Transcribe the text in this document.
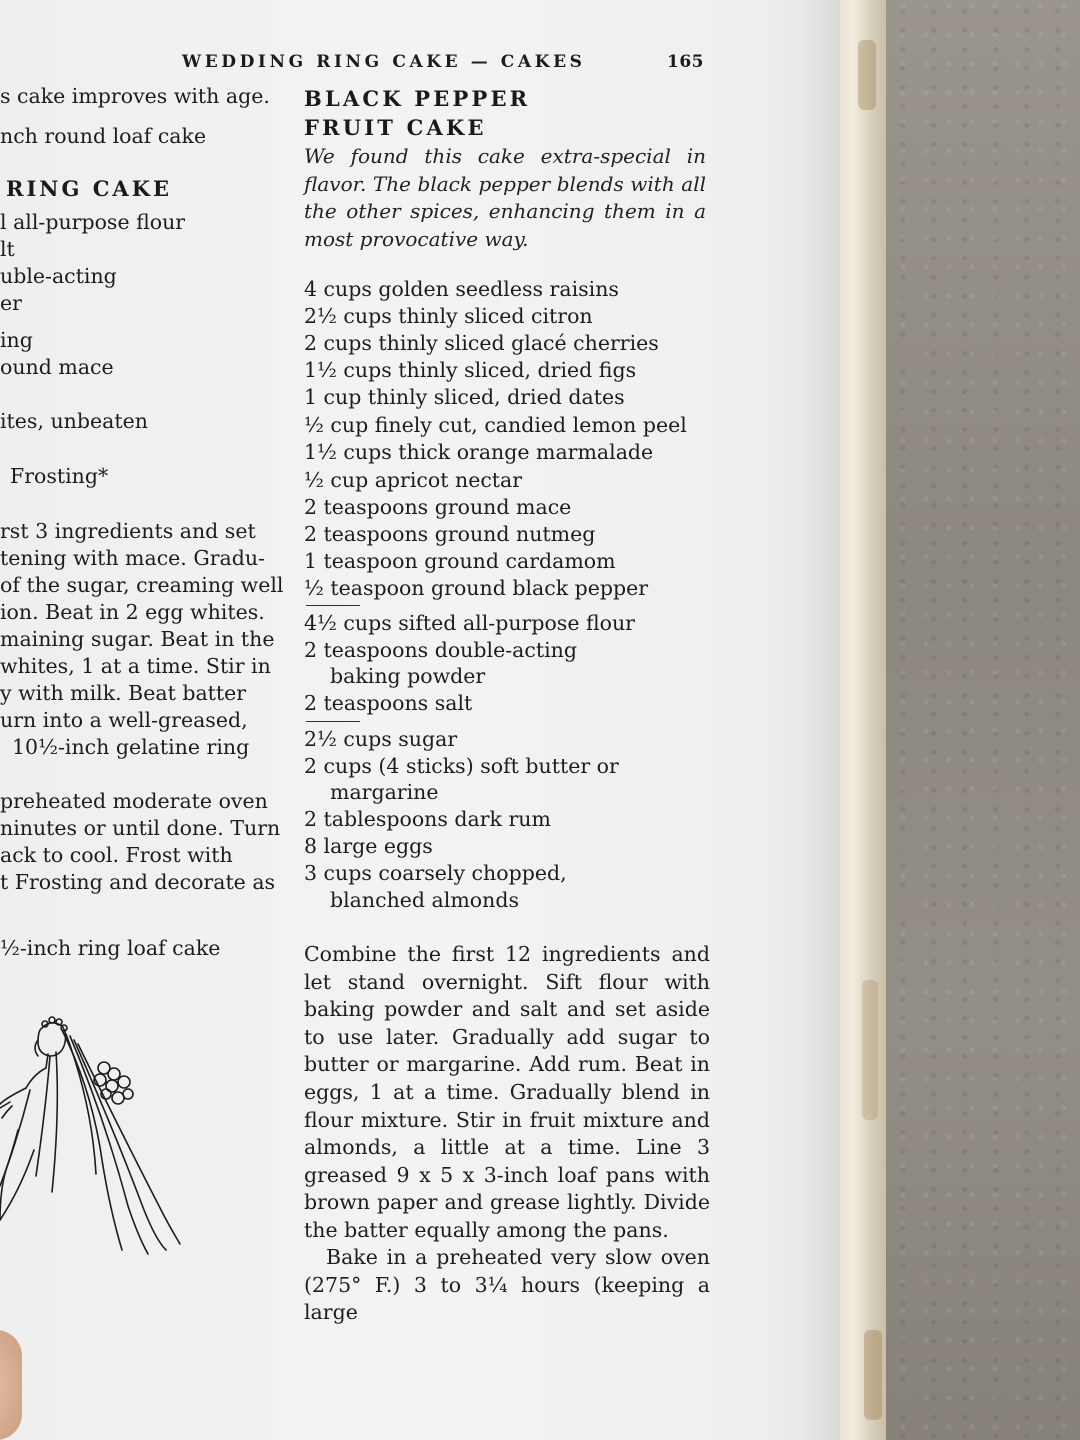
WEDDING RING CAKE — CAKES	165
s cake improves with age.
nch round loaf cake
RING CAKE
l all-purpose flour
lt
uble-acting
er
ing
ound mace
ites, unbeaten
Frosting*
rst 3 ingredients and set
tening with mace. Gradu-
of the sugar, creaming well
ion. Beat in 2 egg whites.
maining sugar. Beat in the
whites, 1 at a time. Stir in
y with milk. Beat batter
urn into a well-greased,
10½-inch gelatine ring
preheated moderate oven
ninutes or until done. Turn
ack to cool. Frost with
t Frosting and decorate as
½-inch ring loaf cake
BLACK PEPPER
FRUIT CAKE
We found this cake extra-special in flavor. The black pepper blends with all the other spices, enhancing them in a most provocative way.
4 cups golden seedless raisins
2½ cups thinly sliced citron
2 cups thinly sliced glacé cherries
1½ cups thinly sliced, dried figs
1 cup thinly sliced, dried dates
½ cup finely cut, candied lemon peel
1½ cups thick orange marmalade
½ cup apricot nectar
2 teaspoons ground mace
2 teaspoons ground nutmeg
1 teaspoon ground cardamom
½ teaspoon ground black pepper
4½ cups sifted all-purpose flour
2 teaspoons double-acting
baking powder
2 teaspoons salt
2½ cups sugar
2 cups (4 sticks) soft butter or
margarine
2 tablespoons dark rum
8 large eggs
3 cups coarsely chopped,
blanched almonds
Combine the first 12 ingredients and let stand overnight. Sift flour with baking powder and salt and set aside to use later. Gradually add sugar to butter or margarine. Add rum. Beat in eggs, 1 at a time. Gradually blend in flour mixture. Stir in fruit mixture and almonds, a little at a time. Line 3 greased 9 x 5 x 3-inch loaf pans with brown paper and grease lightly. Divide the batter equally among the pans.
Bake in a preheated very slow oven (275° F.) 3 to 3¼ hours (keeping a large
